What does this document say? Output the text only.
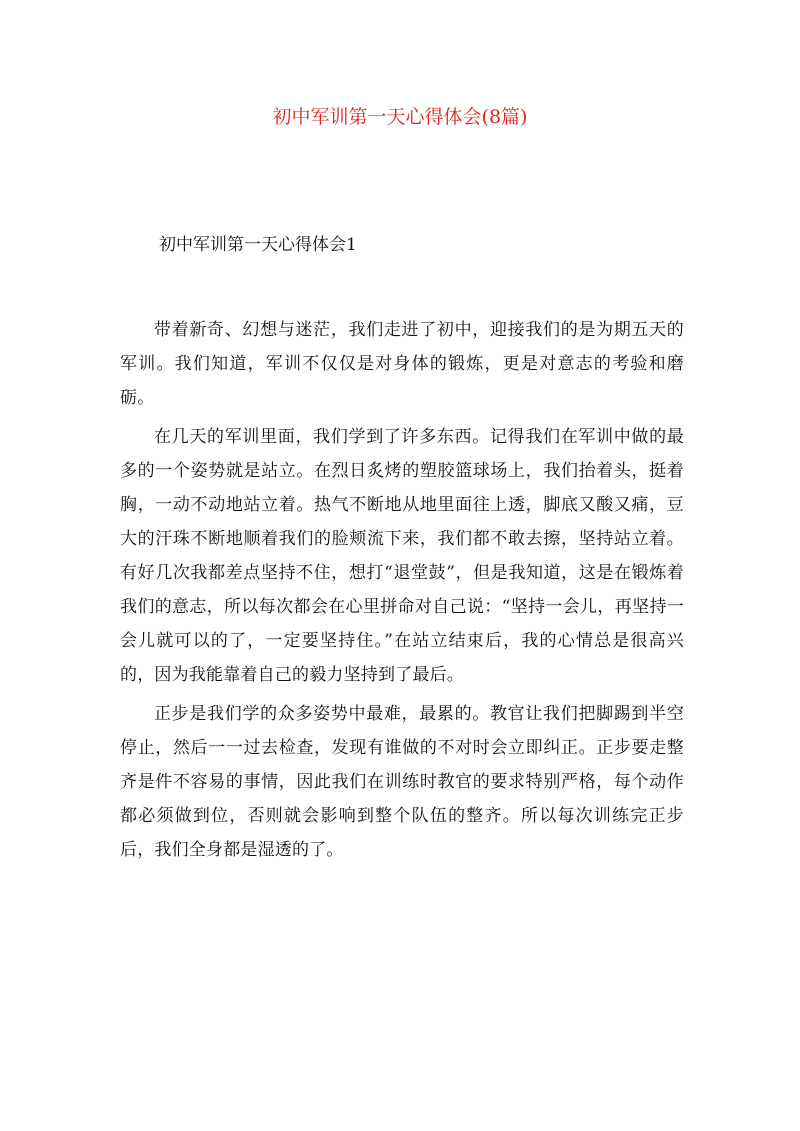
初中军训第一天心得体会(8篇)
初中军训第一天心得体会1

带着新奇、幻想与迷茫，我们走进了初中，迎接我们的是为期五天的军训。我们知道，军训不仅仅是对身体的锻炼，更是对意志的考验和磨砺。

在几天的军训里面，我们学到了许多东西。记得我们在军训中做的最多的一个姿势就是站立。在烈日炙烤的塑胶篮球场上，我们抬着头，挺着胸，一动不动地站立着。热气不断地从地里面往上透，脚底又酸又痛，豆大的汗珠不断地顺着我们的脸颊流下来，我们都不敢去擦，坚持站立着。有好几次我都差点坚持不住，想打“退堂鼓”，但是我知道，这是在锻炼着我们的意志，所以每次都会在心里拼命对自己说：“坚持一会儿，再坚持一会儿就可以的了，一定要坚持住。”在站立结束后，我的心情总是很高兴的，因为我能靠着自己的毅力坚持到了最后。

正步是我们学的众多姿势中最难，最累的。教官让我们把脚踢到半空停止，然后一一过去检查，发现有谁做的不对时会立即纠正。正步要走整齐是件不容易的事情，因此我们在训练时教官的要求特别严格，每个动作都必须做到位，否则就会影响到整个队伍的整齐。所以每次训练完正步后，我们全身都是湿透的了。
